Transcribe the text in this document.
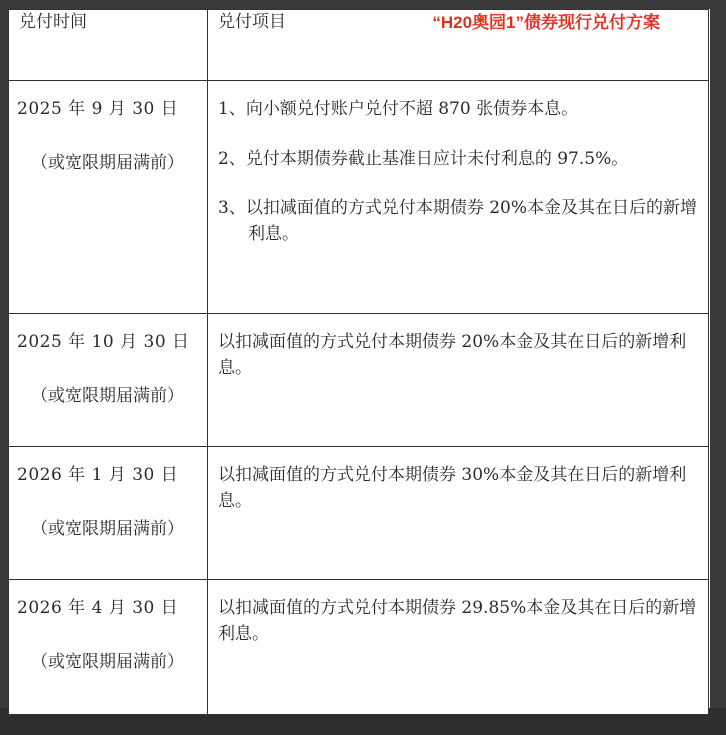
兑付时间	兑付项目 “H20奥园1”债券现行兑付方案

2025 年 9 月 30 日
（或宽限期届满前）	1、向小额兑付账户兑付不超 870 张债券本息。
2、兑付本期债券截止基准日应计未付利息的 97.5%。
3、以扣减面值的方式兑付本期债券 20%本金及其在日后的新增利息。

2025 年 10 月 30 日
（或宽限期届满前）	以扣减面值的方式兑付本期债券 20%本金及其在日后的新增利息。

2026 年 1 月 30 日
（或宽限期届满前）	以扣减面值的方式兑付本期债券 30%本金及其在日后的新增利息。

2026 年 4 月 30 日
（或宽限期届满前）	以扣减面值的方式兑付本期债券 29.85%本金及其在日后的新增利息。
